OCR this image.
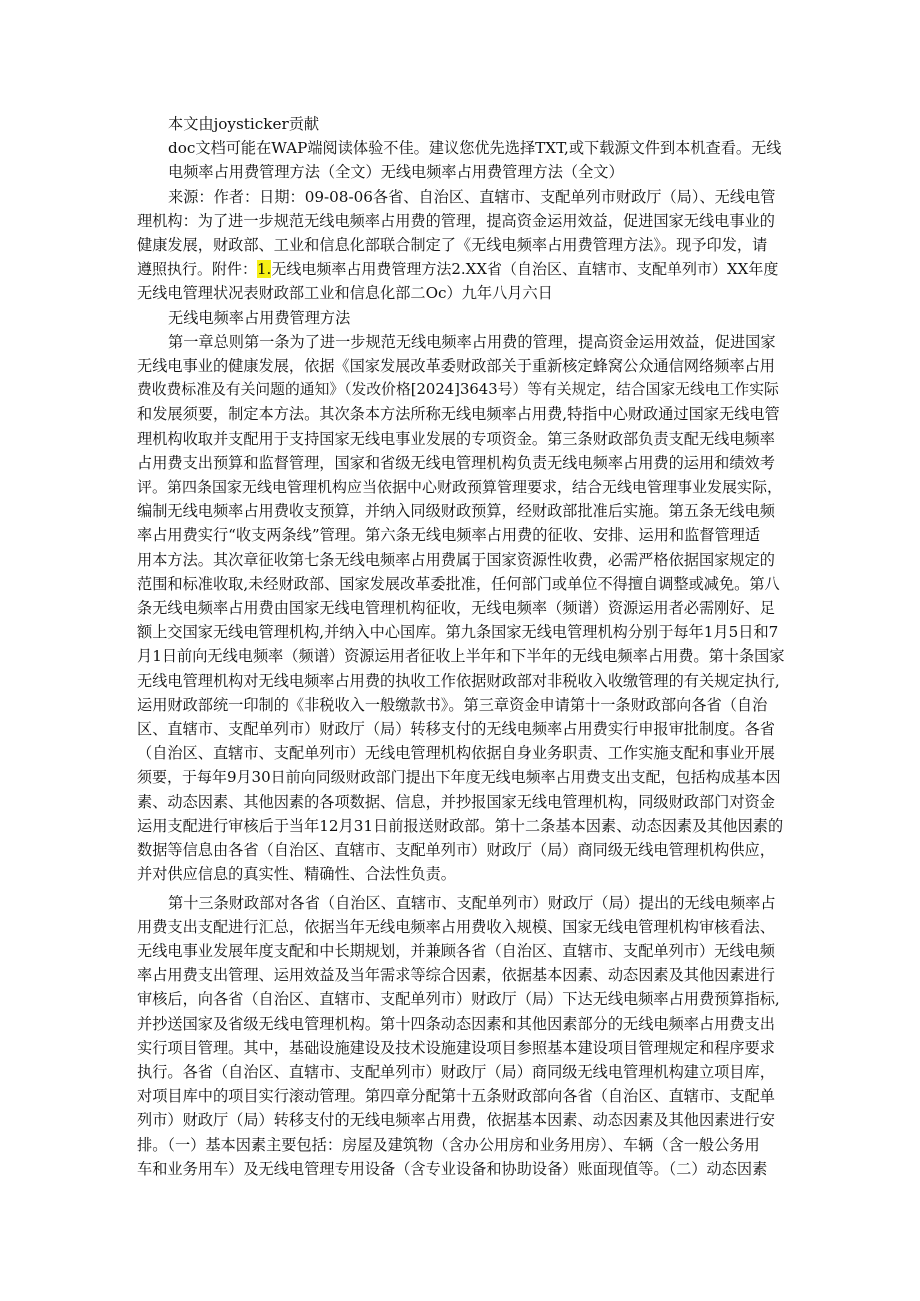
本文由joysticker贡献
doc文档可能在WAP端阅读体验不佳。建议您优先选择TXT,或下载源文件到本机查看。无线
电频率占用费管理方法（全文）无线电频率占用费管理方法（全文）
来源：作者：日期：09-08-06各省、自治区、直辖市、支配单列市财政厅（局）、无线电管
理机构：为了进一步规范无线电频率占用费的管理，提高资金运用效益，促进国家无线电事业的
健康发展，财政部、工业和信息化部联合制定了《无线电频率占用费管理方法》。现予印发，请
遵照执行。附件：1.无线电频率占用费管理方法2.XX省（自治区、直辖市、支配单列市）XX年度
无线电管理状况表财政部工业和信息化部二Oc）九年八月六日
无线电频率占用费管理方法
第一章总则第一条为了进一步规范无线电频率占用费的管理，提高资金运用效益，促进国家
无线电事业的健康发展，依据《国家发展改革委财政部关于重新核定蜂窝公众通信网络频率占用
费收费标准及有关问题的通知》（发改价格[2024]3643号）等有关规定，结合国家无线电工作实际
和发展须要，制定本方法。其次条本方法所称无线电频率占用费,特指中心财政通过国家无线电管
理机构收取并支配用于支持国家无线电事业发展的专项资金。第三条财政部负责支配无线电频率
占用费支出预算和监督管理，国家和省级无线电管理机构负责无线电频率占用费的运用和绩效考
评。第四条国家无线电管理机构应当依据中心财政预算管理要求，结合无线电管理事业发展实际，
编制无线电频率占用费收支预算，并纳入同级财政预算，经财政部批准后实施。第五条无线电频
率占用费实行“收支两条线”管理。第六条无线电频率占用费的征收、安排、运用和监督管理适
用本方法。其次章征收第七条无线电频率占用费属于国家资源性收费，必需严格依据国家规定的
范围和标准收取,未经财政部、国家发展改革委批准，任何部门或单位不得擅自调整或减免。第八
条无线电频率占用费由国家无线电管理机构征收，无线电频率（频谱）资源运用者必需刚好、足
额上交国家无线电管理机构,并纳入中心国库。第九条国家无线电管理机构分别于每年1月5日和7
月1日前向无线电频率（频谱）资源运用者征收上半年和下半年的无线电频率占用费。第十条国家
无线电管理机构对无线电频率占用费的执收工作依据财政部对非税收入收缴管理的有关规定执行,
运用财政部统一印制的《非税收入一般缴款书》。第三章资金申请第十一条财政部向各省（自治
区、直辖市、支配单列市）财政厅（局）转移支付的无线电频率占用费实行申报审批制度。各省
（自治区、直辖市、支配单列市）无线电管理机构依据自身业务职责、工作实施支配和事业开展
须要，于每年9月30日前向同级财政部门提出下年度无线电频率占用费支出支配，包括构成基本因
素、动态因素、其他因素的各项数据、信息，并抄报国家无线电管理机构，同级财政部门对资金
运用支配进行审核后于当年12月31日前报送财政部。第十二条基本因素、动态因素及其他因素的
数据等信息由各省（自治区、直辖市、支配单列市）财政厅（局）商同级无线电管理机构供应，
并对供应信息的真实性、精确性、合法性负责。
第十三条财政部对各省（自治区、直辖市、支配单列市）财政厅（局）提出的无线电频率占
用费支出支配进行汇总，依据当年无线电频率占用费收入规模、国家无线电管理机构审核看法、
无线电事业发展年度支配和中长期规划，并兼顾各省（自治区、直辖市、支配单列市）无线电频
率占用费支出管理、运用效益及当年需求等综合因素，依据基本因素、动态因素及其他因素进行
审核后，向各省（自治区、直辖市、支配单列市）财政厅（局）下达无线电频率占用费预算指标,
并抄送国家及省级无线电管理机构。第十四条动态因素和其他因素部分的无线电频率占用费支出
实行项目管理。其中，基础设施建设及技术设施建设项目参照基本建设项目管理规定和程序要求
执行。各省（自治区、直辖市、支配单列市）财政厅（局）商同级无线电管理机构建立项目库，
对项目库中的项目实行滚动管理。第四章分配第十五条财政部向各省（自治区、直辖市、支配单
列市）财政厅（局）转移支付的无线电频率占用费，依据基本因素、动态因素及其他因素进行安
排。（一）基本因素主要包括：房屋及建筑物（含办公用房和业务用房）、车辆（含一般公务用
车和业务用车）及无线电管理专用设备（含专业设备和协助设备）账面现值等。（二）动态因素
